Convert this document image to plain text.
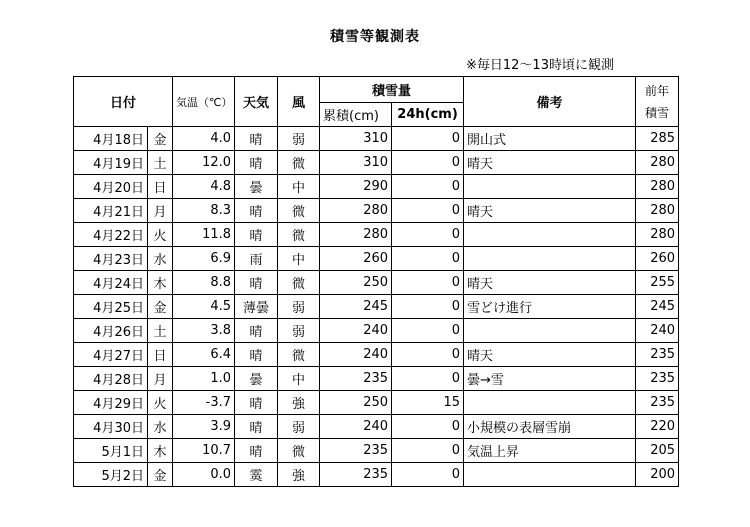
積雪等観測表
※毎日12～13時頃に観測
日付		気温（℃）	天気	風	積雪量		備考	前年
積雪
					累積(cm)	24h(cm)		
4月18日	金	4.0	晴	弱	310	0	開山式	285
4月19日	土	12.0	晴	微	310	0	晴天	280
4月20日	日	4.8	曇	中	290	0		280
4月21日	月	8.3	晴	微	280	0	晴天	280
4月22日	火	11.8	晴	微	280	0		280
4月23日	水	6.9	雨	中	260	0		260
4月24日	木	8.8	晴	微	250	0	晴天	255
4月25日	金	4.5	薄曇	弱	245	0	雪どけ進行	245
4月26日	土	3.8	晴	弱	240	0		240
4月27日	日	6.4	晴	微	240	0	晴天	235
4月28日	月	1.0	曇	中	235	0	曇→雪	235
4月29日	火	-3.7	晴	強	250	15		235
4月30日	水	3.9	晴	弱	240	0	小規模の表層雪崩	220
5月1日	木	10.7	晴	微	235	0	気温上昇	205
5月2日	金	0.0	霙	強	235	0		200
